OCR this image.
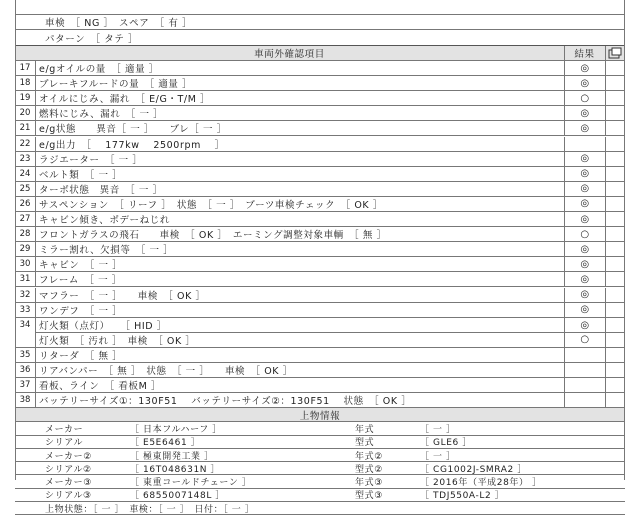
車検　［ NG ］　スペア　［ 有 ］
パターン　［ タテ ］
車両外確認項目	結果
17 e/gオイルの量　［ 適量 ］	◎
18 ブレーキフルードの量　［ 適量 ］	◎
19 オイルにじみ、漏れ　［ E/G・T/M ］	○
20 燃料にじみ、漏れ　［ 一 ］	◎
21 e/g状態　　異音［ 一 ］　　ブレ［ 一 ］	◎
22 e/g出力　［　 177kw　 2500rpm　 ］
23 ラジエーター　［ 一 ］	◎
24 ベルト類　［ 一 ］	◎
25 ターボ状態　異音　［ 一 ］	◎
26 サスペンション　［ リーフ ］　状態　［ 一 ］　ブーツ車検チェック　［ OK ］	◎
27 キャビン傾き、ボデーねじれ	◎
28 フロントガラスの飛石　　車検　［ OK ］　エーミング調整対象車輌　［ 無 ］	○
29 ミラー割れ、欠損等　［ 一 ］	◎
30 キャビン　［ 一 ］	◎
31 フレーム　［ 一 ］	◎
32 マフラー　［ 一 ］　　車検　［ OK ］	◎
33 ワンデフ　［ 一 ］	◎
34 灯火類（点灯）　　［ HID ］	◎
灯火類　［ 汚れ ］　車検　［ OK ］	○
35 リターダ　［ 無 ］
36 リアバンパー　［ 無 ］　状態　［ 一 ］　　車検　［ OK ］
37 看板、ライン　［ 看板M ］
38 バッテリーサイズ①：130F51　 バッテリーサイズ②：130F51　 状態　［ OK ］
上物情報
メーカー	［ 日本フルハーフ ］	年式	［ 一 ］
シリアル	［ E5E6461 ］	型式	［ GLE6 ］
メーカー②	［ 極東開発工業 ］	年式②	［ 一 ］
シリアル②	［ 16T048631N ］	型式②	［ CG1002J-SMRA2 ］
メーカー③	［ 東重コールドチェーン ］	年式③	［ 2016年（平成28年） ］
シリアル③	［ 6855007148L ］	型式③	［ TDJ550A-L2 ］
上物状態：［ 一 ］　車検：［ 一 ］　日付：［ 一 ］
